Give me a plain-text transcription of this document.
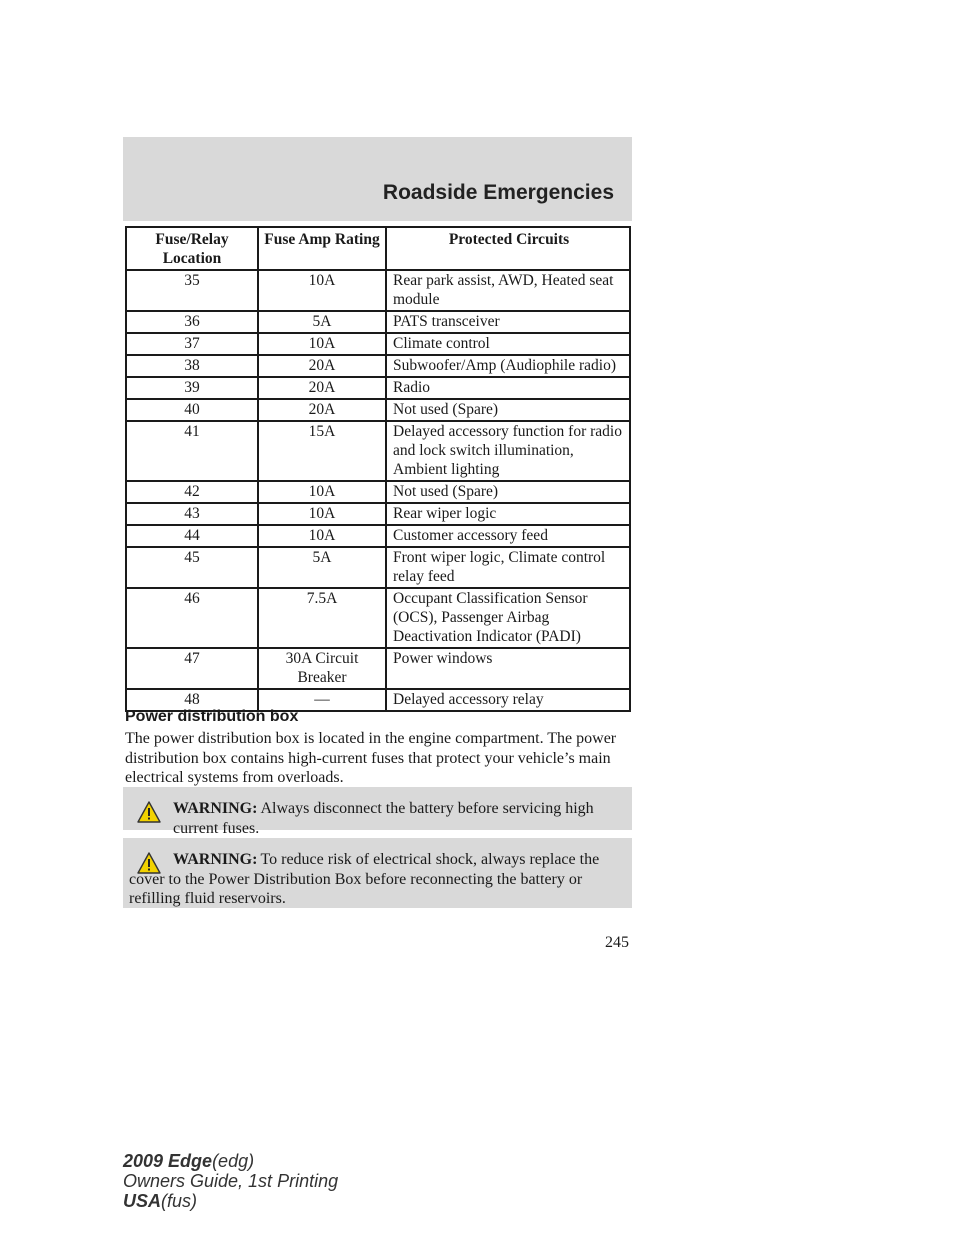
Roadside Emergencies
Fuse/Relay Location	Fuse Amp Rating	Protected Circuits
35	10A	Rear park assist, AWD, Heated seat module
36	5A	PATS transceiver
37	10A	Climate control
38	20A	Subwoofer/Amp (Audiophile radio)
39	20A	Radio
40	20A	Not used (Spare)
41	15A	Delayed accessory function for radio and lock switch illumination, Ambient lighting
42	10A	Not used (Spare)
43	10A	Rear wiper logic
44	10A	Customer accessory feed
45	5A	Front wiper logic, Climate control relay feed
46	7.5A	Occupant Classification Sensor (OCS), Passenger Airbag Deactivation Indicator (PADI)
47	30A Circuit Breaker	Power windows
48	—	Delayed accessory relay
Power distribution box
The power distribution box is located in the engine compartment. The power distribution box contains high-current fuses that protect your vehicle’s main electrical systems from overloads.
WARNING: Always disconnect the battery before servicing high current fuses.
WARNING: To reduce risk of electrical shock, always replace the cover to the Power Distribution Box before reconnecting the battery or refilling fluid reservoirs.
245
2009 Edge(edg)
Owners Guide, 1st Printing
USA(fus)
